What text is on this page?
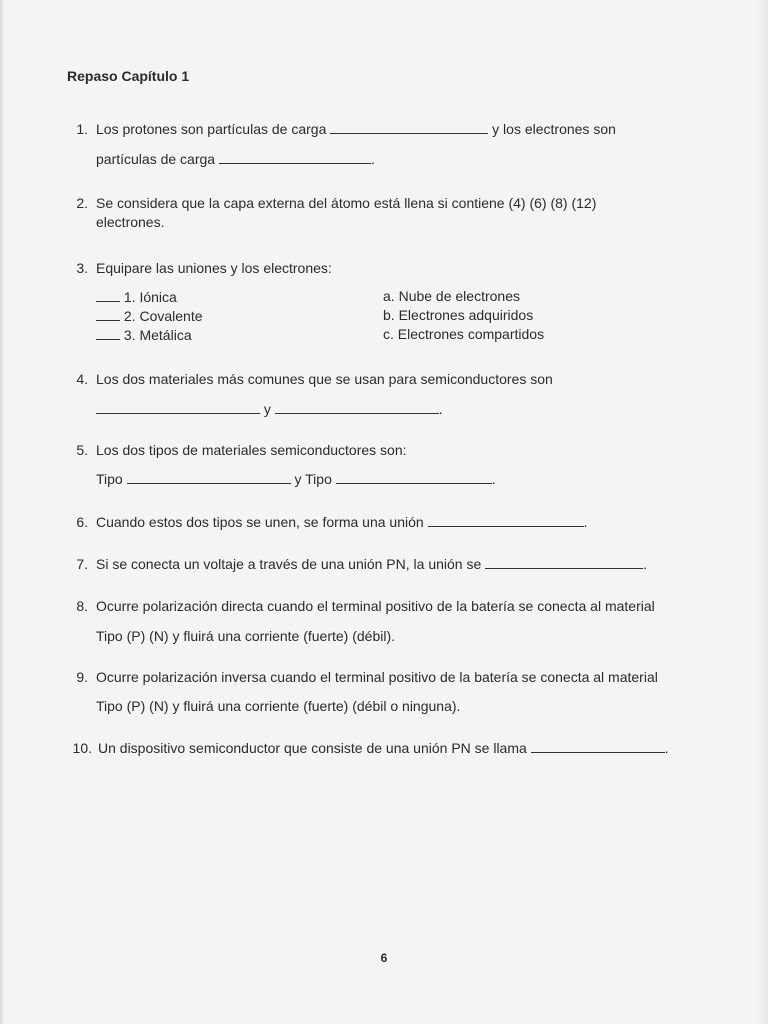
Repaso Capítulo 1
1. Los protones son partículas de carga	y los electrones son
partículas de carga	.
2. Se considera que la capa externa del átomo está llena si contiene (4) (6) (8) (12)
electrones.
3. Equipare las uniones y los electrones:
1. Iónica
2. Covalente
3. Metálica
a. Nube de electrones
b. Electrones adquiridos
c. Electrones compartidos
4. Los dos materiales más comunes que se usan para semiconductores son
y	.
5. Los dos tipos de materiales semiconductores son:
Tipo	y Tipo	.
6. Cuando estos dos tipos se unen, se forma una unión	.
7. Si se conecta un voltaje a través de una unión PN, la unión se	.
8. Ocurre polarización directa cuando el terminal positivo de la batería se conecta al material
Tipo (P) (N) y fluirá una corriente (fuerte) (débil).
9. Ocurre polarización inversa cuando el terminal positivo de la batería se conecta al material
Tipo (P) (N) y fluirá una corriente (fuerte) (débil o ninguna).
10. Un dispositivo semiconductor que consiste de una unión PN se llama	.
6
